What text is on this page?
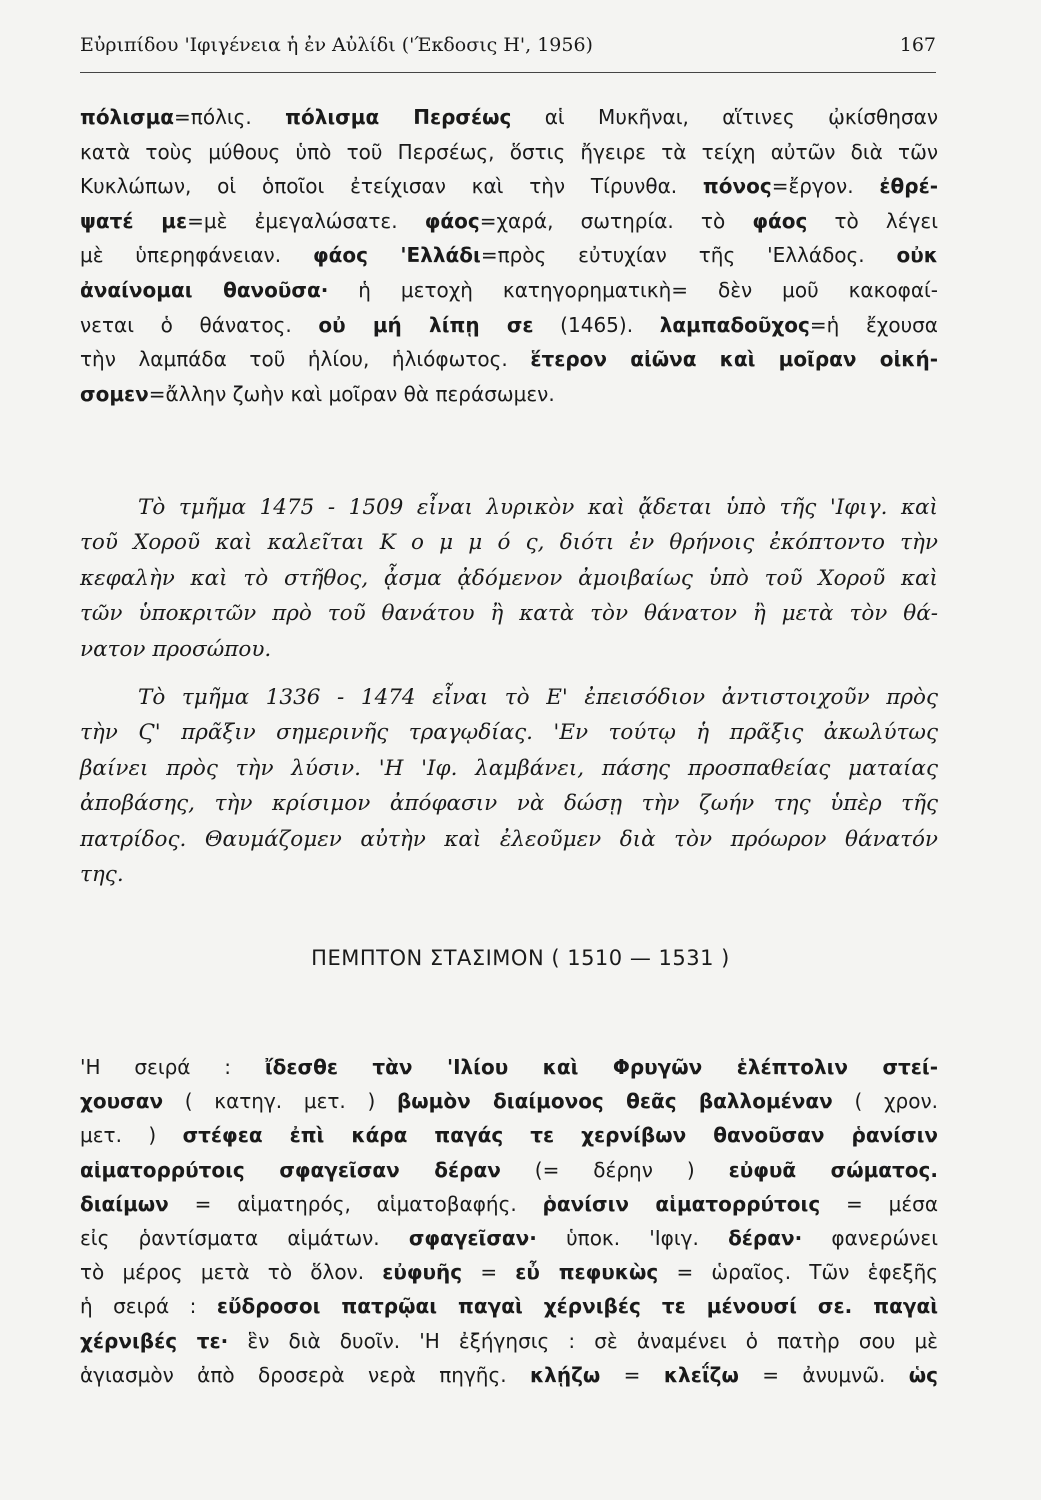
Εὐριπίδου 'Ιφιγένεια ἡ ἐν Αὐλίδι ('Έκδοσις Η', 1956)	167
πόλισμα=πόλις. πόλισμα Περσέως αἱ Μυκῆναι, αἵτινες ᾠκίσθησαν
κατὰ τοὺς μύθους ὑπὸ τοῦ Περσέως, ὅστις ἤγειρε τὰ τείχη αὐτῶν διὰ τῶν
Κυκλώπων, οἱ ὁποῖοι ἐτείχισαν καὶ τὴν Τίρυνθα. πόνος=ἔργον. ἐθρέ-
ψατέ με=μὲ ἐμεγαλώσατε. φάος=χαρά, σωτηρία. τὸ φάος τὸ λέγει
μὲ ὑπερηφάνειαν. φάος 'Ελλάδι=πρὸς εὐτυχίαν τῆς 'Ελλάδος. οὐκ
ἀναίνομαι θανοῦσα· ἡ μετοχὴ κατηγορηματικὴ= δὲν μοῦ κακοφαί-
νεται ὁ θάνατος. οὐ μή λίπῃ σε (1465). λαμπαδοῦχος=ἡ ἔχουσα
τὴν λαμπάδα τοῦ ἡλίου, ἡλιόφωτος. ἕτερον αἰῶνα καὶ μοῖραν οἰκή-
σομεν=ἄλλην ζωὴν καὶ μοῖραν θὰ περάσωμεν.
Τὸ τμῆμα 1475 - 1509 εἶναι λυρικὸν καὶ ᾄδεται ὑπὸ τῆς 'Ιφιγ. καὶ
τοῦ Χοροῦ καὶ καλεῖται Κ ο μ μ ό ς, διότι ἐν θρήνοις ἐκόπτοντο τὴν
κεφαλὴν καὶ τὸ στῆθος, ᾆσμα ᾀδόμενον ἀμοιβαίως ὑπὸ τοῦ Χοροῦ καὶ
τῶν ὑποκριτῶν πρὸ τοῦ θανάτου ἢ κατὰ τὸν θάνατον ἢ μετὰ τὸν θά-
νατον προσώπου.
Τὸ τμῆμα 1336 - 1474 εἶναι τὸ Ε' ἐπεισόδιον ἀντιστοιχοῦν πρὸς
τὴν Ϛ' πρᾶξιν σημερινῆς τραγῳδίας. 'Εν τούτῳ ἡ πρᾶξις ἀκωλύτως
βαίνει πρὸς τὴν λύσιν. 'Η 'Ιφ. λαμβάνει, πάσης προσπαθείας ματαίας
ἀποβάσης, τὴν κρίσιμον ἀπόφασιν νὰ δώσῃ τὴν ζωήν της ὑπὲρ τῆς
πατρίδος. Θαυμάζομεν αὐτὴν καὶ ἐλεοῦμεν διὰ τὸν πρόωρον θάνατόν
της.
ΠΕΜΠΤΟΝ ΣΤΑΣΙΜΟΝ ( 1510 — 1531 )
'Η σειρά : ἴδεσθε τὰν 'Ιλίου καὶ Φρυγῶν ἑλέπτολιν στεί-
χουσαν ( κατηγ. μετ. ) βωμὸν διαίμονος θεᾶς βαλλομέναν ( χρον.
μετ. ) στέφεα ἐπὶ κάρα παγάς τε χερνίβων θανοῦσαν ῥανίσιν
αἱματορρύτοις σφαγεῖσαν δέραν (= δέρην ) εὐφυᾶ σώματος.
διαίμων = αἱματηρός, αἱματοβαφής. ῥανίσιν αἱματορρύτοις = μέσα
εἰς ῥαντίσματα αἱμάτων. σφαγεῖσαν· ὑποκ. 'Ιφιγ. δέραν· φανερώνει
τὸ μέρος μετὰ τὸ ὅλον. εὐφυῆς = εὖ πεφυκὼς = ὡραῖος. Τῶν ἑφεξῆς
ἡ σειρά : εὔδροσοι πατρῷαι παγαὶ χέρνιβές τε μένουσί σε. παγαὶ
χέρνιβές τε· ἓν διὰ δυοῖν. 'Η ἐξήγησις : σὲ ἀναμένει ὁ πατὴρ σου μὲ
ἁγιασμὸν ἀπὸ δροσερὰ νερὰ πηγῆς. κλῄζω = κλεΐζω = ἀνυμνῶ. ὡς
